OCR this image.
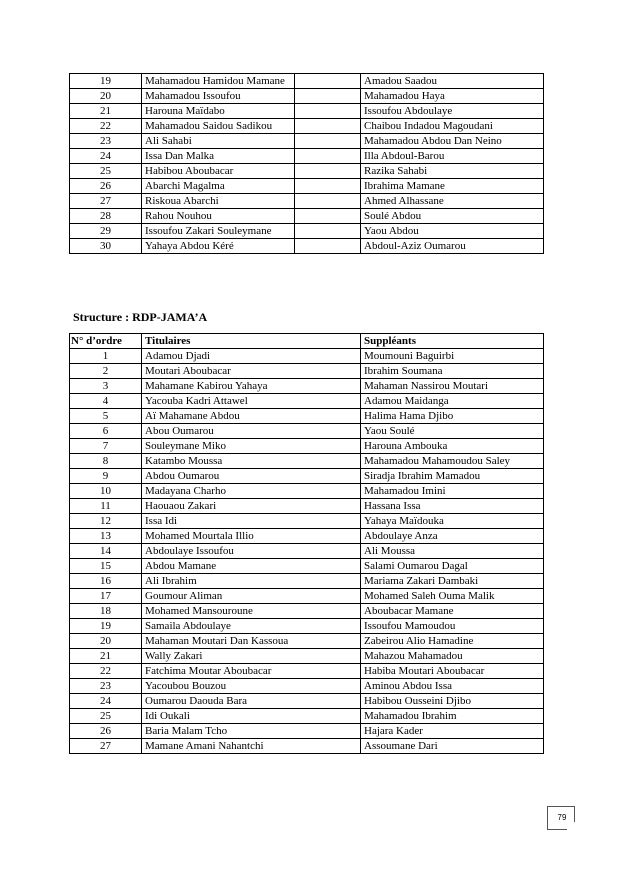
19	Mahamadou Hamidou Mamane		Amadou Saadou
20	Mahamadou Issoufou		Mahamadou Haya
21	Harouna Maïdabo		Issoufou Abdoulaye
22	Mahamadou Saidou Sadikou		Chaibou Indadou Magoudani
23	Ali Sahabi		Mahamadou Abdou Dan Neino
24	Issa Dan Malka		Illa Abdoul-Barou
25	Habibou Aboubacar		Razika Sahabi
26	Abarchi Magalma		Ibrahima Mamane
27	Riskoua Abarchi		Ahmed Alhassane
28	Rahou Nouhou		Soulé Abdou
29	Issoufou Zakari Souleymane		Yaou Abdou
30	Yahaya Abdou Kéré		Abdoul-Aziz Oumarou
Structure : RDP-JAMA’A
N° d’ordre	Titulaires	Suppléants
1	Adamou Djadi	Moumouni Baguirbi
2	Moutari Aboubacar	Ibrahim Soumana
3	Mahamane Kabirou Yahaya	Mahaman Nassirou Moutari
4	Yacouba Kadri Attawel	Adamou Maidanga
5	Aï Mahamane Abdou	Halima Hama Djibo
6	Abou Oumarou	Yaou Soulé
7	Souleymane Miko	Harouna Ambouka
8	Katambo Moussa	Mahamadou Mahamoudou Saley
9	Abdou Oumarou	Siradja Ibrahim Mamadou
10	Madayana Charho	Mahamadou Imini
11	Haouaou Zakari	Hassana Issa
12	Issa Idi	Yahaya Maïdouka
13	Mohamed Mourtala Illio	Abdoulaye Anza
14	Abdoulaye Issoufou	Ali Moussa
15	Abdou Mamane	Salami Oumarou Dagal
16	Ali Ibrahim	Mariama Zakari Dambaki
17	Goumour Aliman	Mohamed Saleh Ouma Malik
18	Mohamed Mansouroune	Aboubacar Mamane
19	Samaila Abdoulaye	Issoufou Mamoudou
20	Mahaman Moutari Dan Kassoua	Zabeirou Alio Hamadine
21	Wally Zakari	Mahazou Mahamadou
22	Fatchima Moutar Aboubacar	Habiba Moutari Aboubacar
23	Yacoubou Bouzou	Aminou Abdou Issa
24	Oumarou Daouda Bara	Habibou Ousseini Djibo
25	Idi Oukali	Mahamadou Ibrahim
26	Baria Malam Tcho	Hajara Kader
27	Mamane Amani Nahantchi	Assoumane Dari
79
